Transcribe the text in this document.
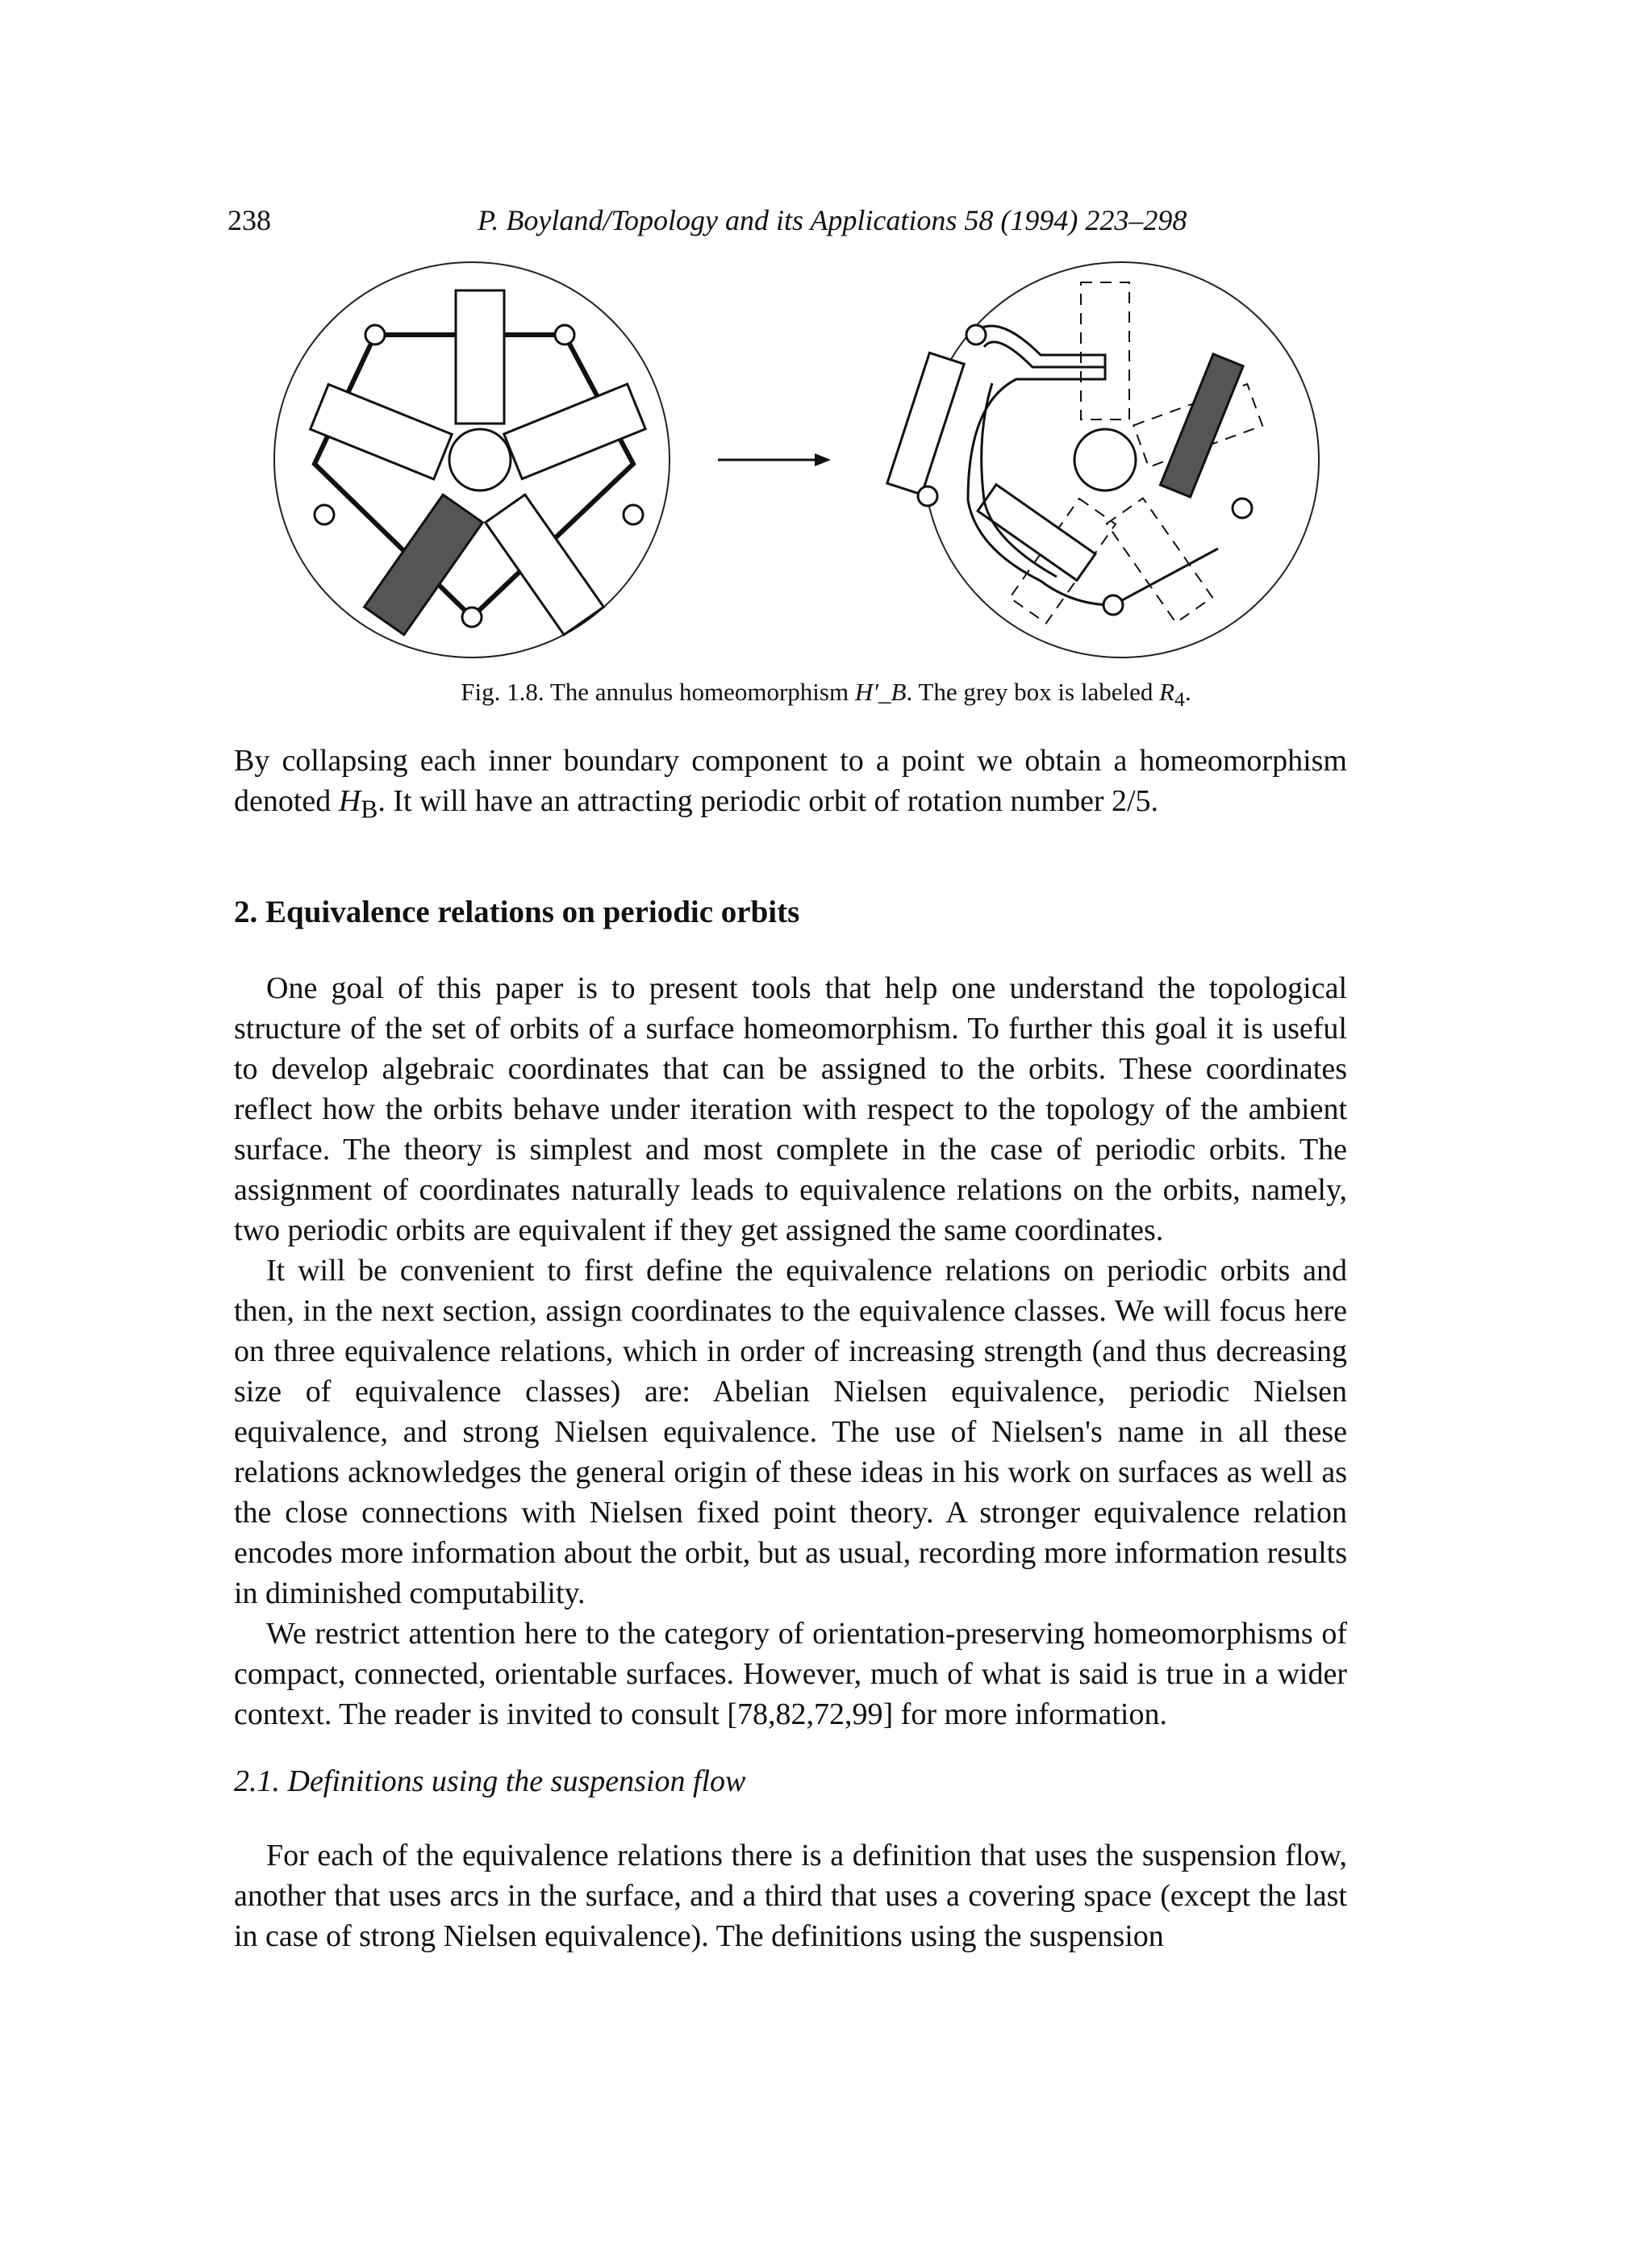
238	P. Boyland/Topology and its Applications 58 (1994) 223–298
Fig. 1.8. The annulus homeomorphism H′_B. The grey box is labeled $R_4$.

By collapsing each inner boundary component to a point we obtain a homeomorphism denoted $H_B$. It will have an attracting periodic orbit of rotation number 2/5.

2. Equivalence relations on periodic orbits

One goal of this paper is to present tools that help one understand the topological structure of the set of orbits of a surface homeomorphism. To further this goal it is useful to develop algebraic coordinates that can be assigned to the orbits. These coordinates reflect how the orbits behave under iteration with respect to the topology of the ambient surface. The theory is simplest and most complete in the case of periodic orbits. The assignment of coordinates naturally leads to equivalence relations on the orbits, namely, two periodic orbits are equivalent if they get assigned the same coordinates.

It will be convenient to first define the equivalence relations on periodic orbits and then, in the next section, assign coordinates to the equivalence classes. We will focus here on three equivalence relations, which in order of increasing strength (and thus decreasing size of equivalence classes) are: Abelian Nielsen equivalence, periodic Nielsen equivalence, and strong Nielsen equivalence. The use of Nielsen's name in all these relations acknowledges the general origin of these ideas in his work on surfaces as well as the close connections with Nielsen fixed point theory. A stronger equivalence relation encodes more information about the orbit, but as usual, recording more information results in diminished computability.

We restrict attention here to the category of orientation-preserving homeomorphisms of compact, connected, orientable surfaces. However, much of what is said is true in a wider context. The reader is invited to consult [78,82,72,99] for more information.

2.1. Definitions using the suspension flow

For each of the equivalence relations there is a definition that uses the suspension flow, another that uses arcs in the surface, and a third that uses a covering space (except the last in case of strong Nielsen equivalence). The definitions using the suspension
